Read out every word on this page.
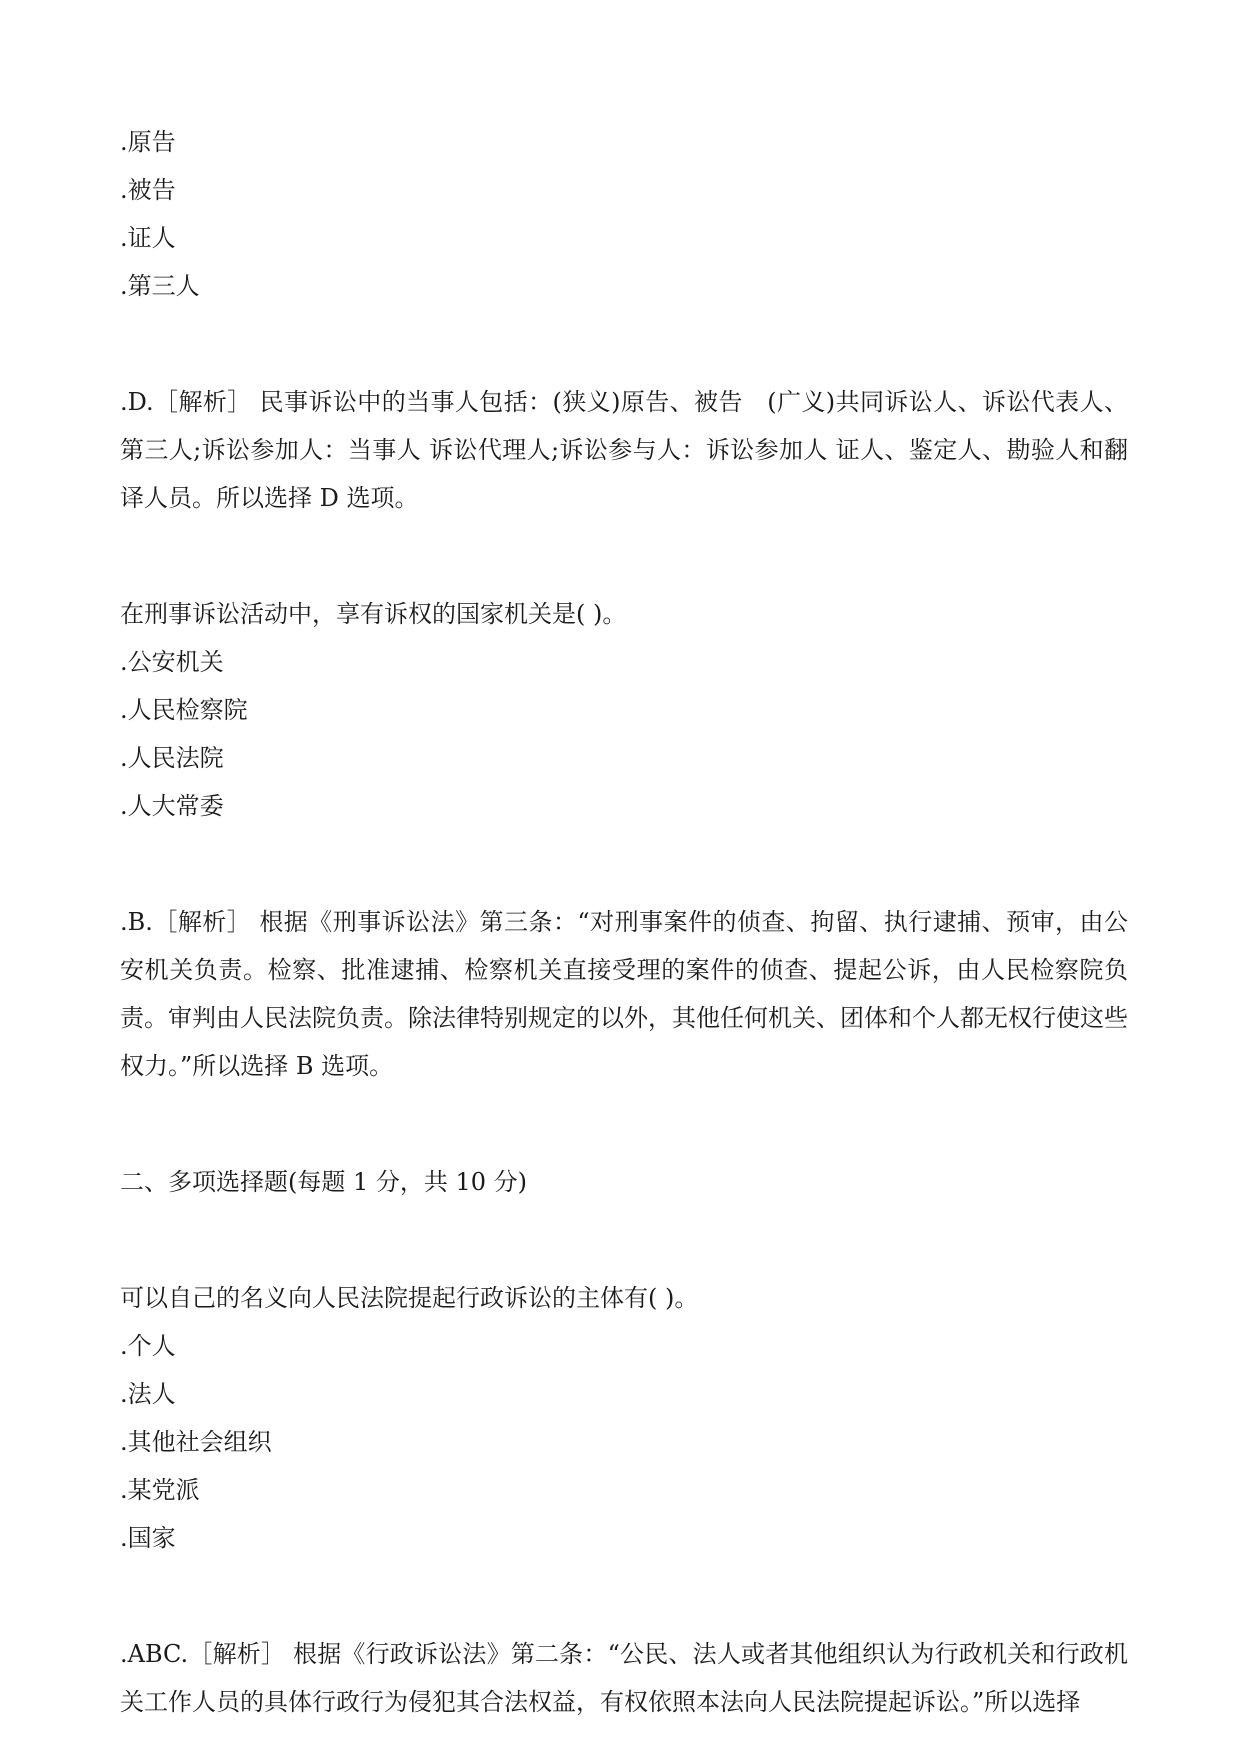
.原告
.被告
.证人
.第三人
.D.［解析］ 民事诉讼中的当事人包括：(狭义)原告、被告　(广义)共同诉讼人、诉讼代表人、第三人;诉讼参加人：当事人 诉讼代理人;诉讼参与人：诉讼参加人 证人、鉴定人、勘验人和翻译人员。所以选择 D 选项。
在刑事诉讼活动中，享有诉权的国家机关是( )。
.公安机关
.人民检察院
.人民法院
.人大常委
.B.［解析］ 根据《刑事诉讼法》第三条：“对刑事案件的侦查、拘留、执行逮捕、预审，由公安机关负责。检察、批准逮捕、检察机关直接受理的案件的侦查、提起公诉，由人民检察院负责。审判由人民法院负责。除法律特别规定的以外，其他任何机关、团体和个人都无权行使这些权力。”所以选择 B 选项。
二、多项选择题(每题 1 分，共 10 分)
可以自己的名义向人民法院提起行政诉讼的主体有( )。
.个人
.法人
.其他社会组织
.某党派
.国家
.ABC.［解析］ 根据《行政诉讼法》第二条：“公民、法人或者其他组织认为行政机关和行政机关工作人员的具体行政行为侵犯其合法权益，有权依照本法向人民法院提起诉讼。”所以选择
